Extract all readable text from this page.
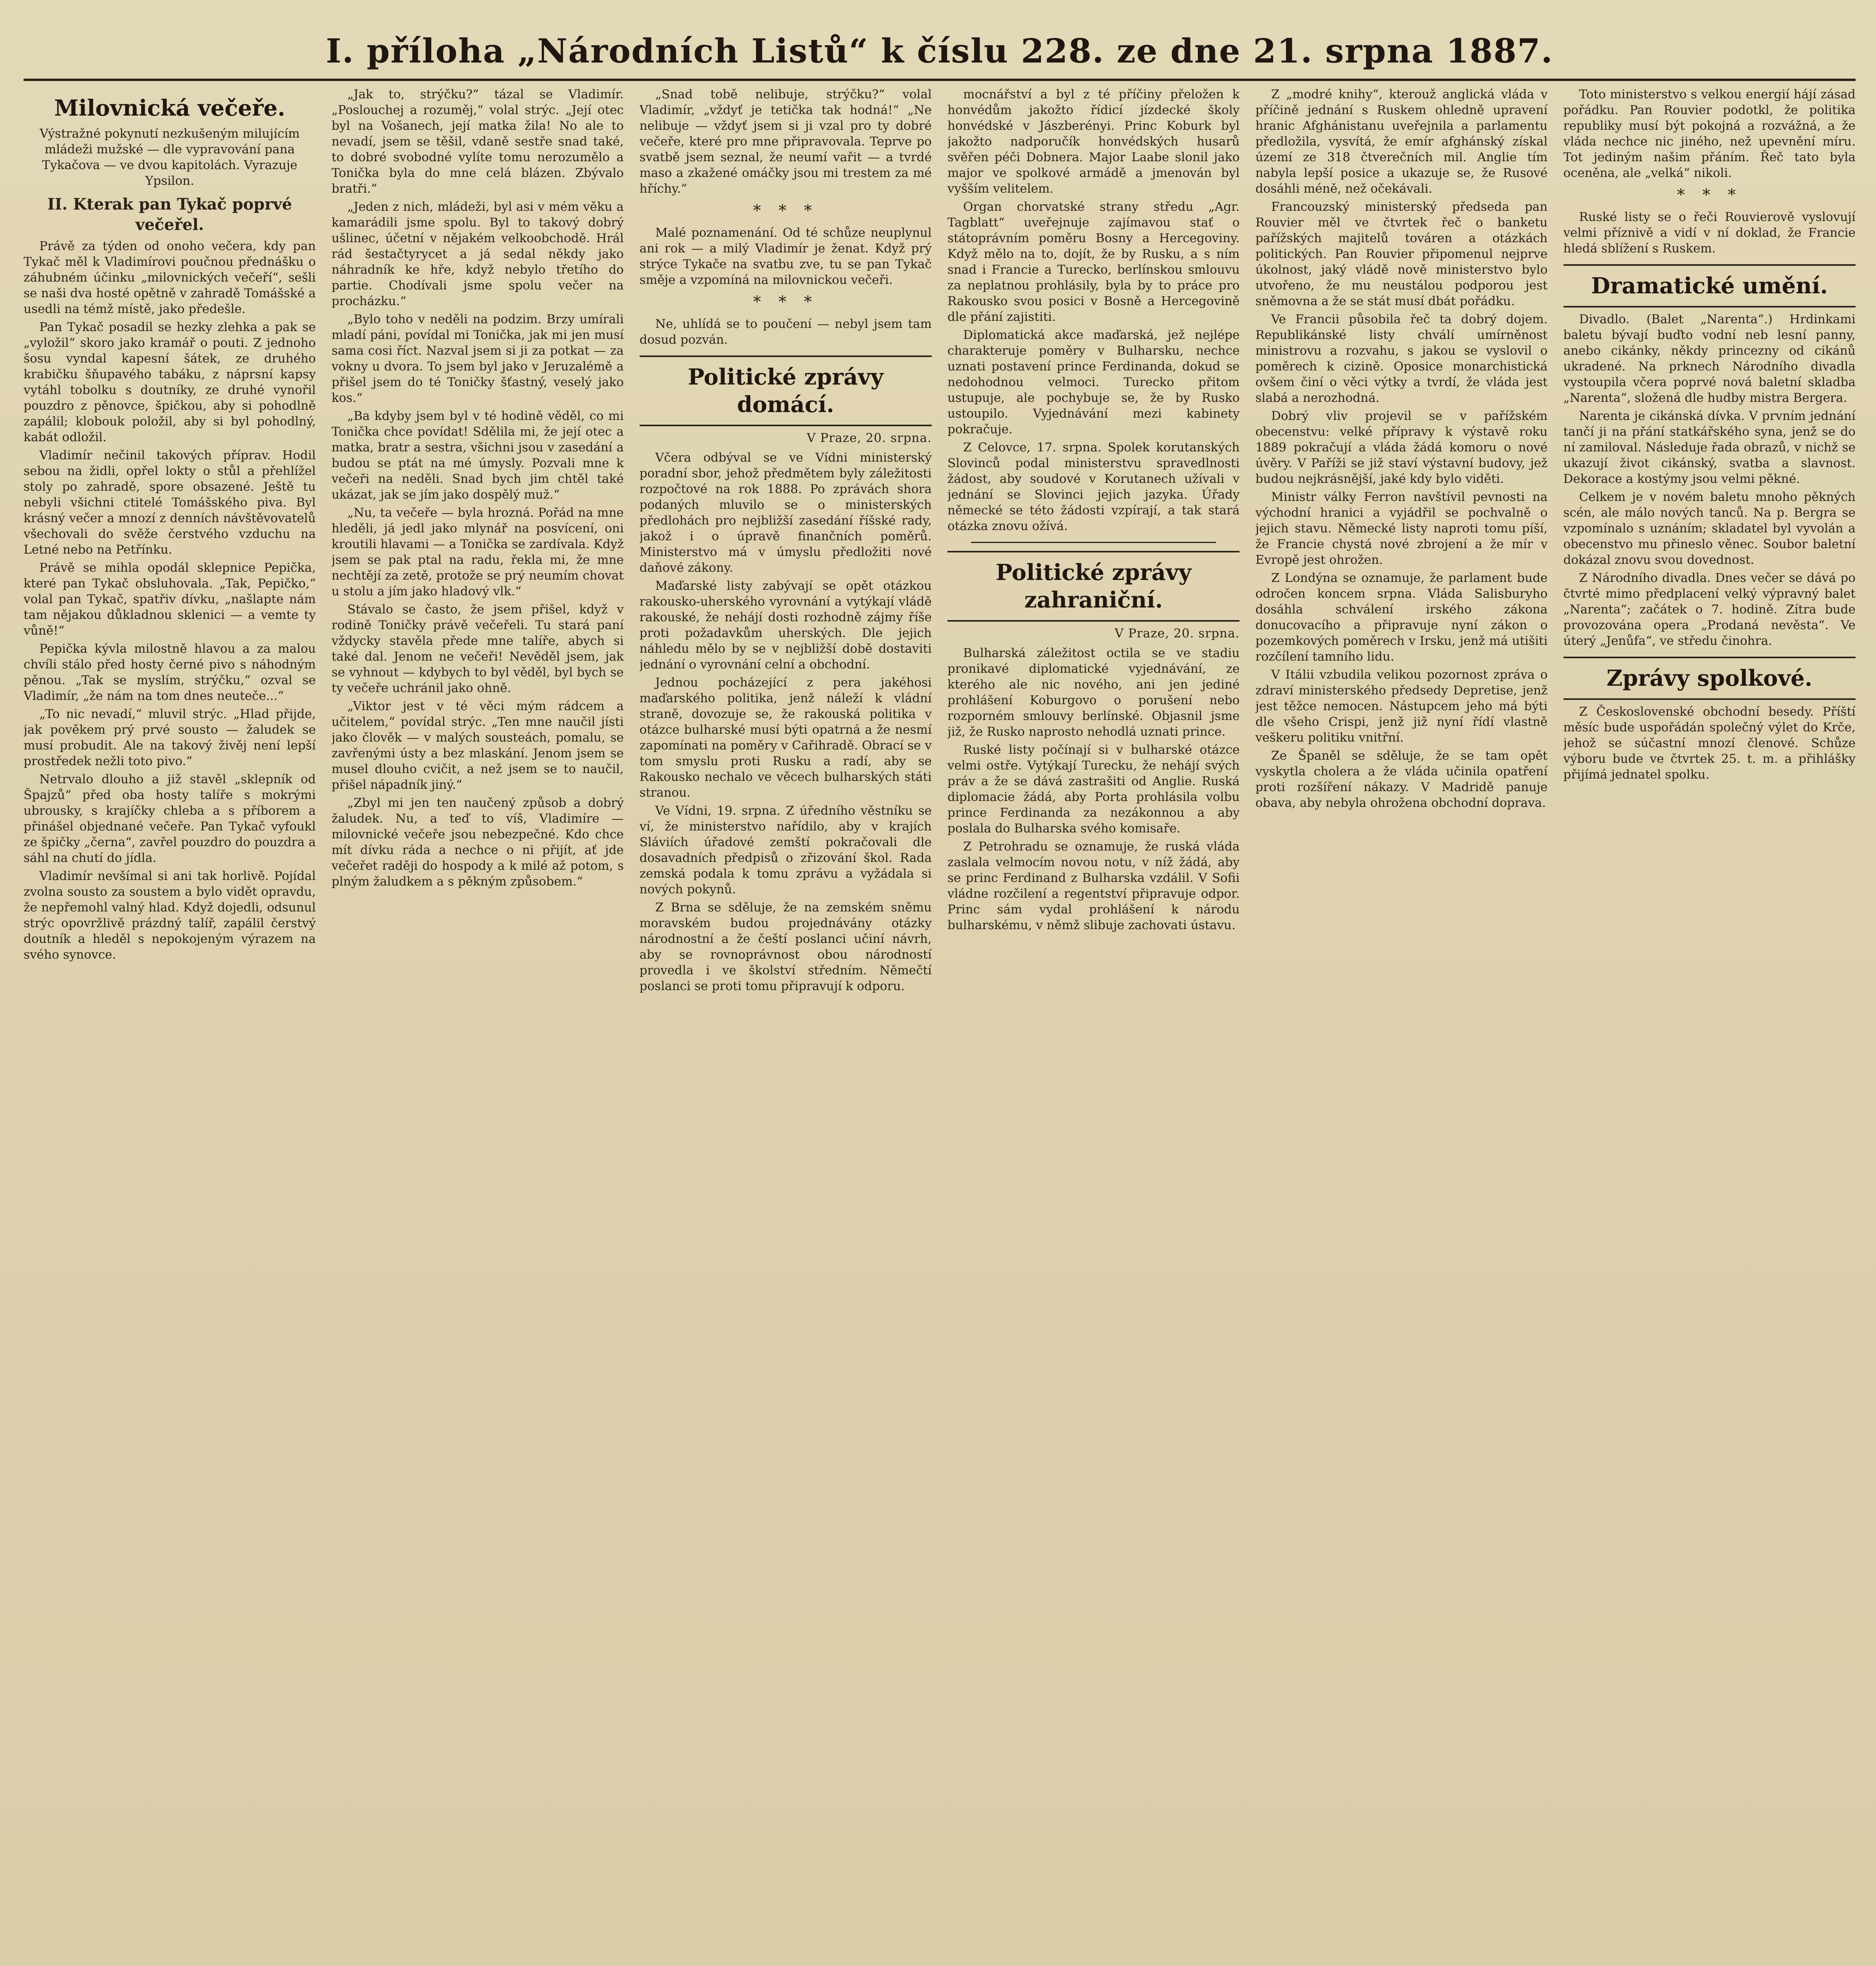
I. příloha „Národních Listů“ k číslu 228. ze dne 21. srpna 1887.
Milovnická večeře.
Výstražné pokynutí nezkušeným milujícím mládeži mužské — dle vypravování pana Tykačova — ve dvou kapitolách. Vyrazuje Ypsilon.
II. Kterak pan Tykač poprvé večeřel.

Právě za týden od onoho večera, kdy pan Tykač měl k Vladimírovi poučnou přednášku o záhubném účinku „milovnických večeří“, sešli se naši dva hosté opětně v zahradě Tomášské a usedli na témž místě, jako předešle.

Pan Tykač posadil se hezky zlehka a pak se „vyložil“ skoro jako kramář o pouti. Z jednoho šosu vyndal kapesní šátek, ze druhého krabičku šňupavého tabáku, z náprsní kapsy vytáhl tobolku s doutníky, ze druhé vynořil pouzdro z pěnovce, špičkou, aby si pohodlně zapálil; klobouk položil, aby si byl pohodlný, kabát odložil.

Vladimír nečinil takových příprav. Hodil sebou na židli, opřel lokty o stůl a přehlížel stoly po zahradě, spore obsazené. Ještě tu nebyli všichni ctitelé Tomášského piva. Byl krásný večer a mnozí z denních návštěvovatelů všechovali do svěže čerstvého vzduchu na Letné nebo na Petřínku.

Právě se mihla opodál sklepnice Pepička, které pan Tykač obsluhovala. „Tak, Pepičko,“ volal pan Tykač, spatřiv dívku, „našlapte nám tam nějakou důkladnou sklenici — a vemte ty vůně!“

Pepička kývla milostně hlavou a za malou chvíli stálo před hosty černé pivo s náhodným pěnou. „Tak se myslím, strýčku,“ ozval se Vladimír, „že nám na tom dnes neuteče...“

„To nic nevadí,“ mluvil strýc. „Hlad přijde, jak pověkem prý prvé sousto — žaludek se musí probudit. Ale na takový živěj není lepší prostředek nežli toto pivo.“

Netrvalo dlouho a již stavěl „sklepník od Špajzů“ před oba hosty talíře s mokrými ubrousky, s krajíčky chleba a s příborem a přinášel objednané večeře. Pan Tykač vyfoukl ze špičky „černa“, zavřel pouzdro do pouzdra a sáhl na chutí do jídla.

Vladimír nevšímal si ani tak horlivě. Pojídal zvolna sousto za soustem a bylo vidět opravdu, že nepřemohl valný hlad. Když dojedli, odsunul strýc opovržlivě prázdný talíř, zapálil čerstvý doutník a hleděl s nepokojeným výrazem na svého synovce.

„Jak to, strýčku?“ tázal se Vladimír. „Poslouchej a rozuměj,“ volal strýc. „Její otec byl na Vošanech, její matka žila! No ale to nevadí, jsem se těšil, vdaně sestře snad také, to dobré svobodné vylíte tomu nerozumělo a Tonička byla do mne celá blázen. Zbývalo bratři.“

„Jeden z nich, mládeži, byl asi v mém věku a kamarádili jsme spolu. Byl to takový dobrý ušlinec, účetní v nějakém velkoobchodě. Hrál rád šestačtyrycet a já sedal někdy jako náhradník ke hře, když nebylo třetího do partie. Chodívali jsme spolu večer na procházku.“

„Bylo toho v neděli na podzim. Brzy umírali mladí páni, povídal mi Tonička, jak mi jen musí sama cosi říct. Nazval jsem si ji za potkat — za vokny u dvora. To jsem byl jako v Jeruzalémě a přišel jsem do té Toničky šťastný, veselý jako kos.“

„Ba kdyby jsem byl v té hodině věděl, co mi Tonička chce povídat! Sdělila mi, že její otec a matka, bratr a sestra, všichni jsou v zasedání a budou se ptát na mé úmysly. Pozvali mne k večeři na neděli. Snad bych jim chtěl také ukázat, jak se jím jako dospělý muž.“

„Nu, ta večeře — byla hrozná. Pořád na mne hleděli, já jedl jako mlynář na posvícení, oni kroutili hlavami — a Tonička se zardívala. Když jsem se pak ptal na radu, řekla mi, že mne nechtějí za zetě, protože se prý neumím chovat u stolu a jím jako hladový vlk.“

Stávalo se často, že jsem přišel, když v rodině Toničky právě večeřeli. Tu stará paní vždycky stavěla přede mne talíře, abych si také dal. Jenom ne večeři! Nevěděl jsem, jak se vyhnout — kdybych to byl věděl, byl bych se ty večeře uchránil jako ohně.

„Viktor jest v té věci mým rádcem a učitelem,“ povídal strýc. „Ten mne naučil jísti jako člověk — v malých sousteách, pomalu, se zavřenými ústy a bez mlaskání. Jenom jsem se musel dlouho cvičit, a než jsem se to naučil, přišel nápadník jiný.“

„Zbyl mi jen ten naučený způsob a dobrý žaludek. Nu, a teď to víš, Vladimíre — milovnické večeře jsou nebezpečné. Kdo chce mít dívku ráda a nechce o ni přijít, ať jde večeřet raději do hospody a k milé až potom, s plným žaludkem a s pěkným způsobem.“

„Snad tobě nelibuje, strýčku?“ volal Vladimír, „vždyť je tetička tak hodná!“ „Ne nelibuje — vždyť jsem si ji vzal pro ty dobré večeře, které pro mne připravovala. Teprve po svatbě jsem seznal, že neumí vařit — a tvrdé maso a zkažené omáčky jsou mi trestem za mé hříchy.“

* * *

Malé poznamenání. Od té schůze neuplynul ani rok — a milý Vladimír je ženat. Když prý strýce Tykače na svatbu zve, tu se pan Tykač směje a vzpomíná na milovnickou večeři.

* * *

Ne, uhlídá se to poučení — nebyl jsem tam dosud pozván.

Politické zprávy domácí.
V Praze, 20. srpna.

Včera odbýval se ve Vídni ministerský poradní sbor, jehož předmětem byly záležitosti rozpočtové na rok 1888. Po zprávách shora podaných mluvilo se o ministerských předlohách pro nejbližší zasedání říšské rady, jakož i o úpravě finančních poměrů. Ministerstvo má v úmyslu předložiti nové daňové zákony.

Maďarské listy zabývají se opět otázkou rakousko-uherského vyrovnání a vytýkají vládě rakouské, že nehájí dosti rozhodně zájmy říše proti požadavkům uherských. Dle jejich náhledu mělo by se v nejbližší době dostaviti jednání o vyrovnání celní a obchodní.

Jednou pocházející z pera jakéhosi maďarského politika, jenž náleží k vládní straně, dovozuje se, že rakouská politika v otázce bulharské musí býti opatrná a že nesmí zapomínati na poměry v Cařihradě. Obrací se v tom smyslu proti Rusku a radí, aby se Rakousko nechalo ve věcech bulharských státi stranou.

Ve Vídni, 19. srpna. Z úředního věstníku se ví, že ministerstvo nařídilo, aby v krajích Sláviích úřadové zemští pokračovali dle dosavadních předpisů o zřizování škol. Rada zemská podala k tomu zprávu a vyžádala si nových pokynů.

Z Brna se sděluje, že na zemském sněmu moravském budou projednávány otázky národnostní a že čeští poslanci učiní návrh, aby se rovnoprávnost obou národností provedla i ve školství středním. Němečtí poslanci se proti tomu připravují k odporu.

mocnářství a byl z té příčiny přeložen k honvédům jakožto řídicí jízdecké školy honvédské v Jászberényi. Princ Koburk byl jakožto nadporučík honvédských husarů svěřen péči Dobnera. Major Laabe slonil jako major ve spolkové armádě a jmenován byl vyšším velitelem.

Organ chorvatské strany středu „Agr. Tagblatt“ uveřejnuje zajímavou stať o státoprávním poměru Bosny a Hercegoviny. Když mělo na to, dojít, že by Rusku, a s ním snad i Francie a Turecko, berlínskou smlouvu za neplatnou prohlásily, byla by to práce pro Rakousko svou posici v Bosně a Hercegovině dle přání zajistiti.

Diplomatická akce maďarská, jež nejlépe charakteruje poměry v Bulharsku, nechce uznati postavení prince Ferdinanda, dokud se nedohodnou velmoci. Turecko přitom ustupuje, ale pochybuje se, že by Rusko ustoupilo. Vyjednávání mezi kabinety pokračuje.

Z Celovce, 17. srpna. Spolek korutanských Slovinců podal ministerstvu spravedlnosti žádost, aby soudové v Korutanech užívali v jednání se Slovinci jejich jazyka. Úřady německé se této žádosti vzpírají, a tak stará otázka znovu ožívá.

Politické zprávy zahraniční.
V Praze, 20. srpna.

Bulharská záležitost octila se ve stadiu pronikavé diplomatické vyjednávání, ze kterého ale nic nového, ani jen jediné prohlášení Koburgovo o porušení nebo rozporném smlouvy berlínské. Objasnil jsme již, že Rusko naprosto nehodlá uznati prince.

Ruské listy počínají si v bulharské otázce velmi ostře. Vytýkají Turecku, že nehájí svých práv a že se dává zastrašiti od Anglie. Ruská diplomacie žádá, aby Porta prohlásila volbu prince Ferdinanda za nezákonnou a aby poslala do Bulharska svého komisaře.

Z Petrohradu se oznamuje, že ruská vláda zaslala velmocím novou notu, v níž žádá, aby se princ Ferdinand z Bulharska vzdálil. V Sofii vládne rozčilení a regentství připravuje odpor. Princ sám vydal prohlášení k národu bulharskému, v němž slibuje zachovati ústavu.

Z „modré knihy“, kterouž anglická vláda v příčině jednání s Ruskem ohledně upravení hranic Afghánistanu uveřejnila a parlamentu předložila, vysvítá, že emír afghánský získal území ze 318 čtverečních mil. Anglie tím nabyla lepší posice a ukazuje se, že Rusové dosáhli méně, než očekávali.

Francouzský ministerský předseda pan Rouvier měl ve čtvrtek řeč o banketu pařížských majitelů továren a otázkách politických. Pan Rouvier připomenul nejprve úkolnost, jaký vládě nově ministerstvo bylo utvořeno, že mu neustálou podporou jest sněmovna a že se stát musí dbát pořádku.

Ve Francii působila řeč ta dobrý dojem. Republikánské listy chválí umírněnost ministrovu a rozvahu, s jakou se vyslovil o poměrech k cizině. Oposice monarchistická ovšem činí o věci výtky a tvrdí, že vláda jest slabá a nerozhodná.

Dobrý vliv projevil se v pařížském obecenstvu: velké přípravy k výstavě roku 1889 pokračují a vláda žádá komoru o nové úvěry. V Paříži se již staví výstavní budovy, jež budou nejkrásnější, jaké kdy bylo viděti.

Ministr války Ferron navštívil pevnosti na východní hranici a vyjádřil se pochvalně o jejich stavu. Německé listy naproti tomu píší, že Francie chystá nové zbrojení a že mír v Evropě jest ohrožen.

Z Londýna se oznamuje, že parlament bude odročen koncem srpna. Vláda Salisburyho dosáhla schválení irského zákona donucovacího a připravuje nyní zákon o pozemkových poměrech v Irsku, jenž má utišiti rozčílení tamního lidu.

V Itálii vzbudila velikou pozornost zpráva o zdraví ministerského předsedy Depretise, jenž jest těžce nemocen. Nástupcem jeho má býti dle všeho Crispi, jenž již nyní řídí vlastně veškeru politiku vnitřní.

Ze Španěl se sděluje, že se tam opět vyskytla cholera a že vláda učinila opatření proti rozšíření nákazy. V Madridě panuje obava, aby nebyla ohrožena obchodní doprava.

Toto ministerstvo s velkou energií hájí zásad pořádku. Pan Rouvier podotkl, že politika republiky musí být pokojná a rozvážná, a že vláda nechce nic jiného, než upevnění míru. Tot jediným našim přáním. Řeč tato byla oceněna, ale „velká“ nikoli.

* * *

Ruské listy se o řeči Rouvierově vyslovují velmi příznivě a vidí v ní doklad, že Francie hledá sblížení s Ruskem.

Dramatické umění.

Divadlo. (Balet „Narenta“.) Hrdinkami baletu bývají buďto vodní neb lesní panny, anebo cikánky, někdy princezny od cikánů ukradené. Na prknech Národního divadla vystoupila včera poprvé nová baletní skladba „Narenta“, složená dle hudby mistra Bergera.

Narenta je cikánská dívka. V prvním jednání tančí ji na přání statkářského syna, jenž se do ní zamiloval. Následuje řada obrazů, v nichž se ukazují život cikánský, svatba a slavnost. Dekorace a kostýmy jsou velmi pěkné.

Celkem je v novém baletu mnoho pěkných scén, ale málo nových tanců. Na p. Bergra se vzpomínalo s uznáním; skladatel byl vyvolán a obecenstvo mu přineslo věnec. Soubor baletní dokázal znovu svou dovednost.

Z Národního divadla. Dnes večer se dává po čtvrté mimo předplacení velký výpravný balet „Narenta“; začátek o 7. hodině. Zítra bude provozována opera „Prodaná nevěsta“. Ve úterý „Jenůfa“, ve středu činohra.

Zprávy spolkové.

Z Československé obchodní besedy. Příští měsíc bude uspořádán společný výlet do Krče, jehož se súčastní mnozí členové. Schůze výboru bude ve čtvrtek 25. t. m. a přihlášky přijímá jednatel spolku.
